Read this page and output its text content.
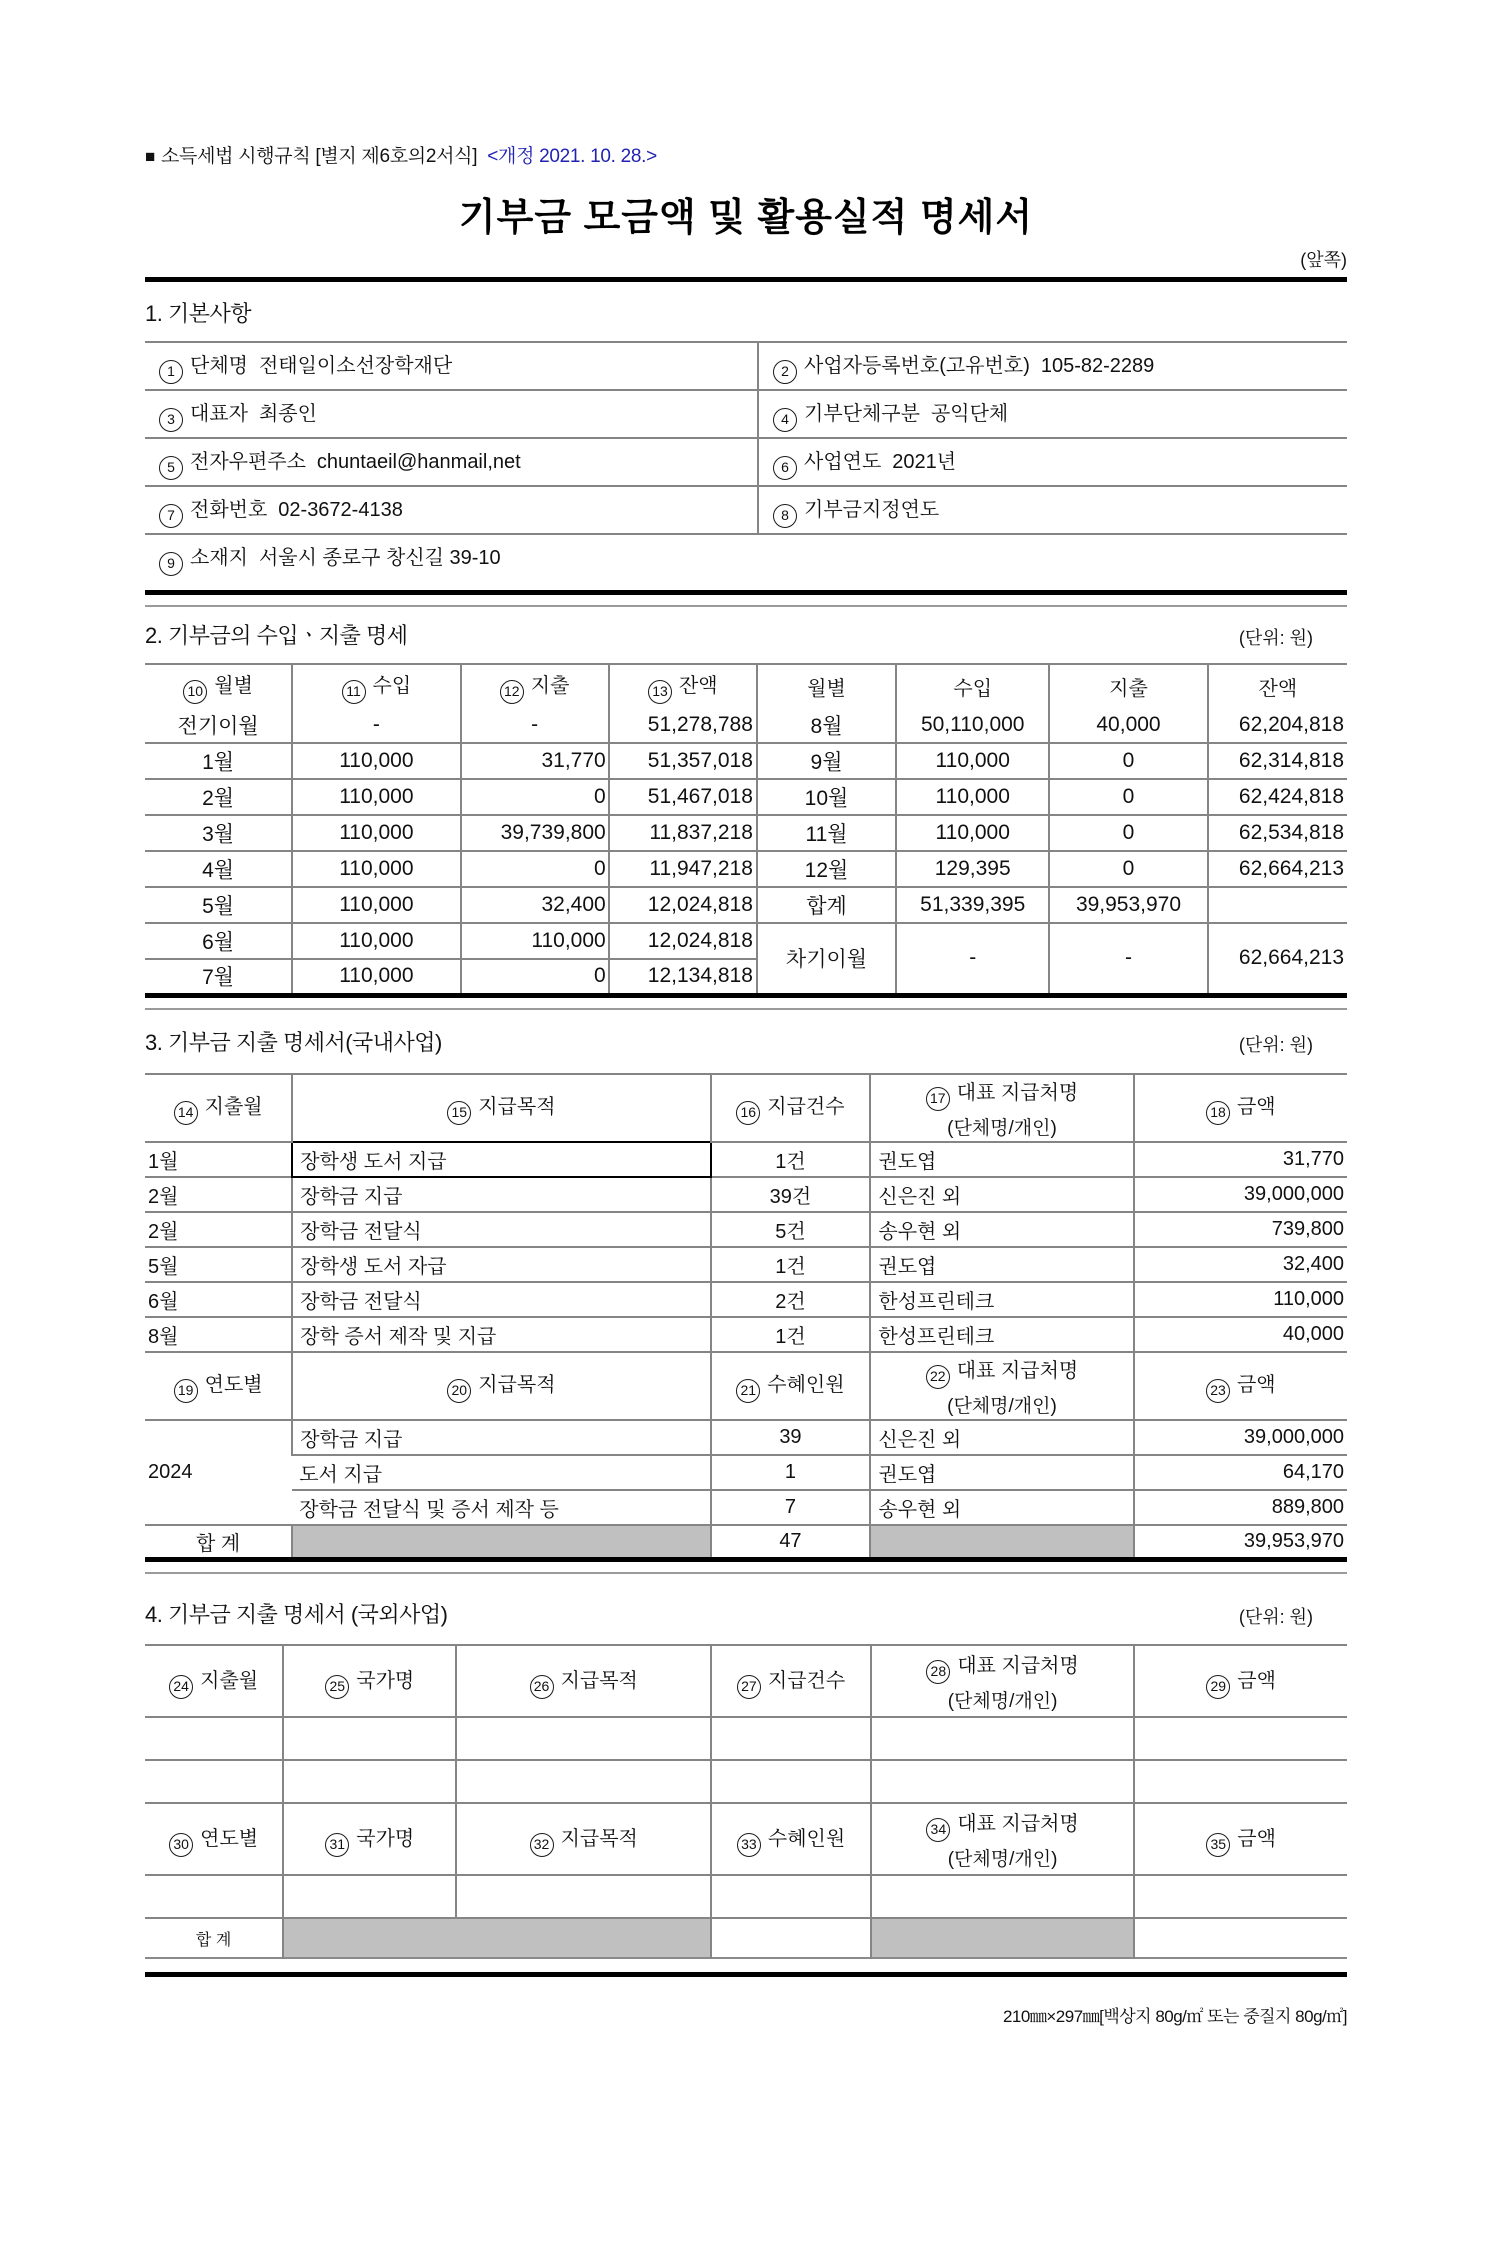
■ 소득세법 시행규칙 [별지 제6호의2서식] <개정 2021. 10. 28.>
기부금 모금액 및 활용실적 명세서
(앞쪽)
1. 기본사항
1 단체명 전태일이소선장학재단	2 사업자등록번호(고유번호) 105-82-2289
3 대표자 최종인	4 기부단체구분 공익단체
5 전자우편주소 chuntaeil@hanmail,net	6 사업연도 2021년
7 전화번호 02-3672-4138	8 기부금지정연도
9 소재지 서울시 종로구 창신길 39-10	
2. 기부금의 수입ㆍ지출 명세	(단위: 원)
10 월별	11 수입	12 지출	13 잔액	월별	수입	지출	잔액
전기이월	-	-	51,278,788	8월	50,110,000	40,000	62,204,818
1월	110,000	31,770	51,357,018	9월	110,000	0	62,314,818
2월	110,000	0	51,467,018	10월	110,000	0	62,424,818
3월	110,000	39,739,800	11,837,218	11월	110,000	0	62,534,818
4월	110,000	0	11,947,218	12월	129,395	0	62,664,213
5월	110,000	32,400	12,024,818	합계	51,339,395	39,953,970	
6월	110,000	110,000	12,024,818	차기이월	-	-	62,664,213
7월	110,000	0	12,134,818				
3. 기부금 지출 명세서(국내사업)	(단위: 원)
14 지출월	15 지급목적	16 지급건수	17 대표 지급처명
(단체명/개인)	18 금액
1월	장학생 도서 지급	1건	권도엽	31,770
2월	장학금 지급	39건	신은진 외	39,000,000
2월	장학금 전달식	5건	송우현 외	739,800
5월	장학생 도서 자급	1건	권도엽	32,400
6월	장학금 전달식	2건	한성프린테크	110,000
8월	장학 증서 제작 및 지급	1건	한성프린테크	40,000
19 연도별	20 지급목적	21 수혜인원	22 대표 지급처명
(단체명/개인)	23 금액
2024	장학금 지급	39	신은진 외	39,000,000
	도서 지급	1	권도엽	64,170
	장학금 전달식 및 증서 제작 등	7	송우현 외	889,800
합 계		47		39,953,970
4. 기부금 지출 명세서 (국외사업)	(단위: 원)
24 지출월	25 국가명	26 지급목적	27 지급건수	28 대표 지급처명
(단체명/개인)	29 금액

30 연도별	31 국가명	32 지급목적	33 수혜인원	34 대표 지급처명
(단체명/개인)	35 금액

합 계					
210㎜×297㎜[백상지 80g/㎡ 또는 중질지 80g/㎡]
